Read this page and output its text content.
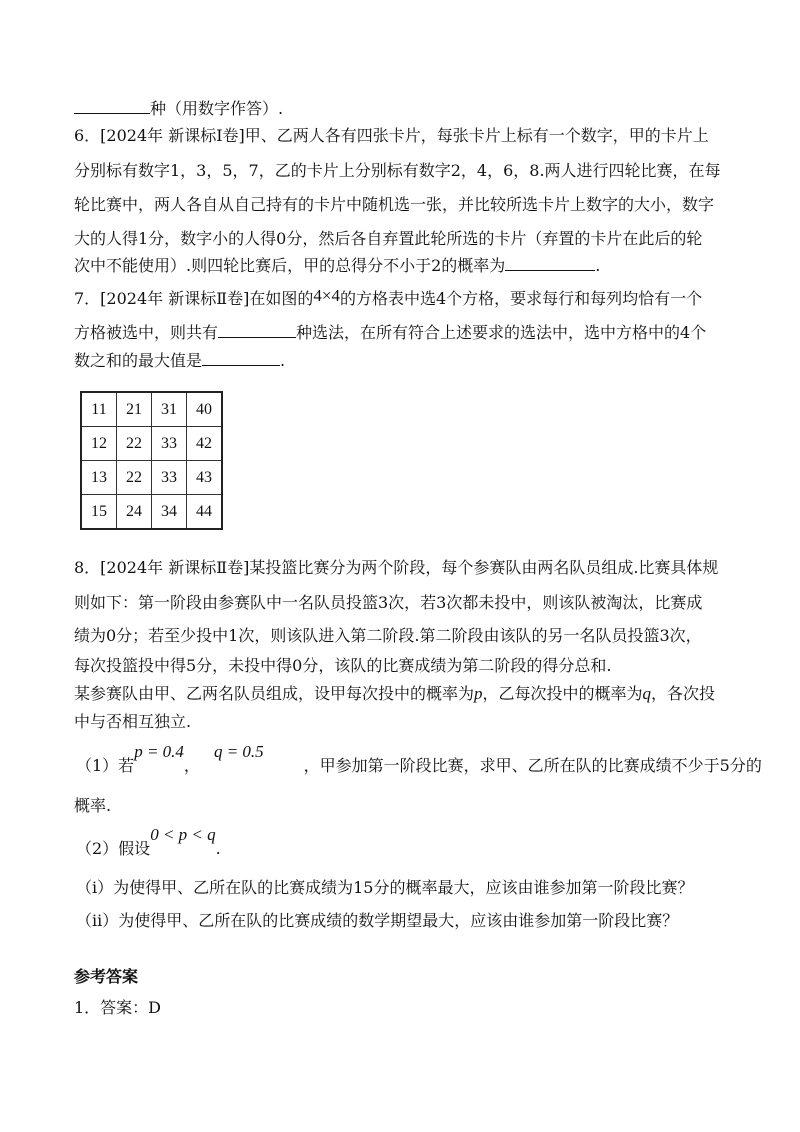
种（用数字作答）.
6．[2024年 新课标Ⅰ卷]甲、乙两人各有四张卡片，每张卡片上标有一个数字，甲的卡片上
分别标有数字1，3，5，7，乙的卡片上分别标有数字2，4，6，8.两人进行四轮比赛，在每
轮比赛中，两人各自从自己持有的卡片中随机选一张，并比较所选卡片上数字的大小，数字
大的人得1分，数字小的人得0分，然后各自弃置此轮所选的卡片（弃置的卡片在此后的轮
次中不能使用）.则四轮比赛后，甲的总得分不小于2的概率为	.
7．[2024年 新课标Ⅱ卷]在如图的4×4的方格表中选4个方格，要求每行和每列均恰有一个
方格被选中，则共有	种选法，在所有符合上述要求的选法中，选中方格中的4个
数之和的最大值是	.
11	21	31	40
12	22	33	42
13	22	33	43
15	24	34	44
8．[2024年 新课标Ⅱ卷]某投篮比赛分为两个阶段，每个参赛队由两名队员组成.比赛具体规
则如下：第一阶段由参赛队中一名队员投篮3次，若3次都未投中，则该队被淘汰，比赛成
绩为0分；若至少投中1次，则该队进入第二阶段.第二阶段由该队的另一名队员投篮3次，
每次投篮投中得5分，未投中得0分，该队的比赛成绩为第二阶段的得分总和.
某参赛队由甲、乙两名队员组成，设甲每次投中的概率为p，乙每次投中的概率为q，各次投
中与否相互独立.
（1）若p = 0.4，q = 0.5，甲参加第一阶段比赛，求甲、乙所在队的比赛成绩不少于5分的
概率.
（2）假设0 < p < q.
（ⅰ）为使得甲、乙所在队的比赛成绩为15分的概率最大，应该由谁参加第一阶段比赛？
（ⅱ）为使得甲、乙所在队的比赛成绩的数学期望最大，应该由谁参加第一阶段比赛？
参考答案
1．答案：D
